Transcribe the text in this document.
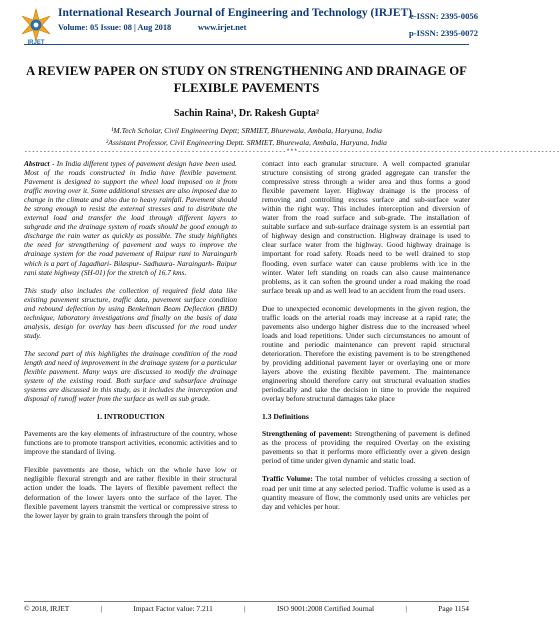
IRJET
International Research Journal of Engineering and Technology (IRJET)
Volume: 05 Issue: 08 | Aug 2018	www.irjet.net
e-ISSN: 2395-0056
p-ISSN: 2395-0072
A REVIEW PAPER ON STUDY ON STRENGTHENING AND DRAINAGE OF
FLEXIBLE PAVEMENTS
Sachin Raina¹, Dr. Rakesh Gupta²
¹M.Tech Scholar, Civil Engineering Deptt; SRMIET, Bhurewala, Ambala, Haryana, India
²Assistant Professor, Civil Engineering Deptt. SRMIET, Bhurewala, Ambala, Haryana, India
---------------------------------------------------------------------***---------------------------------------------------------------------

Abstract - In India different types of pavement design have been used. Most of the roads constructed in India have flexible pavement. Pavement is designed to support the wheel load imposed on it from traffic moving over it. Some additional stresses are also imposed due to change in the climate and also due to heavy rainfall. Pavement should be strong enough to resist the external stresses and to distribute the external load and transfer the load through different layers to subgrade and the drainage system of roads should be good enough to discharge the rain water as quickly as possible. The study highlights the need for strengthening of pavement and ways to improve the drainage system for the road pavement of Raipur rani to Naraingarh which is a part of Jagadhari- Bilaspur- Sadhaura- Naraingarh- Raipur rani state highway (SH-01) for the stretch of 16.7 kms.

This study also includes the collection of required field data like existing pavement structure, traffic data, pavement surface condition and rebound deflection by using Benkelman Beam Deflection (BBD) technique, laboratory investigations and finally on the basis of data analysis, design for overlay has been discussed for the road under study.

The second part of this highlights the drainage condition of the road length and need of improvement in the drainage system for a particular flexible pavement. Many ways are discussed to modify the drainage system of the existing road. Both surface and subsurface drainage systems are discussed in this study, as it includes the interception and disposal of runoff water from the surface as well as sub grade.

1. INTRODUCTION

Pavements are the key elements of infrastructure of the country, whose functions are to promote transport activities, economic activities and to improve the standard of living.

Flexible pavements are those, which on the whole have low or negligible flexural strength and are rather flexible in their structural action under the loads. The layers of flexible pavement reflect the deformation of the lower layers onto the surface of the layer. The flexible pavement layers transmit the vertical or compressive stress to the lower layer by grain to grain transfers through the point of

contact into each granular structure. A well compacted granular structure consisting of strong graded aggregate can transfer the compressive stress through a wider area and thus forms a good flexible pavement layer. Highway drainage is the process of removing and controlling excess surface and sub-surface water within the right way. This includes interception and diversion of water from the road surface and sub-grade. The installation of suitable surface and sub-surface drainage system is an essential part of highway design and construction. Highway drainage is used to clear surface water from the highway. Good highway drainage is important for road safety. Roads need to be well drained to stop flooding, even surface water can cause problems with ice in the winter. Water left standing on roads can also cause maintenance problems, as it can soften the ground under a road making the road surface break up and as well lead to an accident from the road users.

Due to unexpected economic developments in the given region, the traffic loads on the arterial roads may increase at a rapid rate; the pavements also undergo higher distress due to the increased wheel loads and load repetitions. Under such circumstances no amount of routine and periodic maintenance can prevent rapid structural deterioration. Therefore the existing pavement is to be strengthened by providing additional pavement layer or overlaying one or more layers above the existing flexible pavement. The maintenance engineering should therefore carry out structural evaluation studies periodically and take the decision in time to provide the required overlay before structural damages take place

1.3 Definitions

Strengthening of pavement: Strengthening of pavement is defined as the process of providing the required Overlay on the existing pavements so that it performs more efficiently over a given design period of time under given dynamic and static load.

Traffic Volume: The total number of vehicles crossing a section of road per unit time at any selected period. Traffic volume is used as a quantity measure of flow, the commonly used units are vehicles per day and vehicles per hour.

© 2018, IRJET	|	Impact Factor value: 7.211	|	ISO 9001:2008 Certified Journal	|	Page 1154
